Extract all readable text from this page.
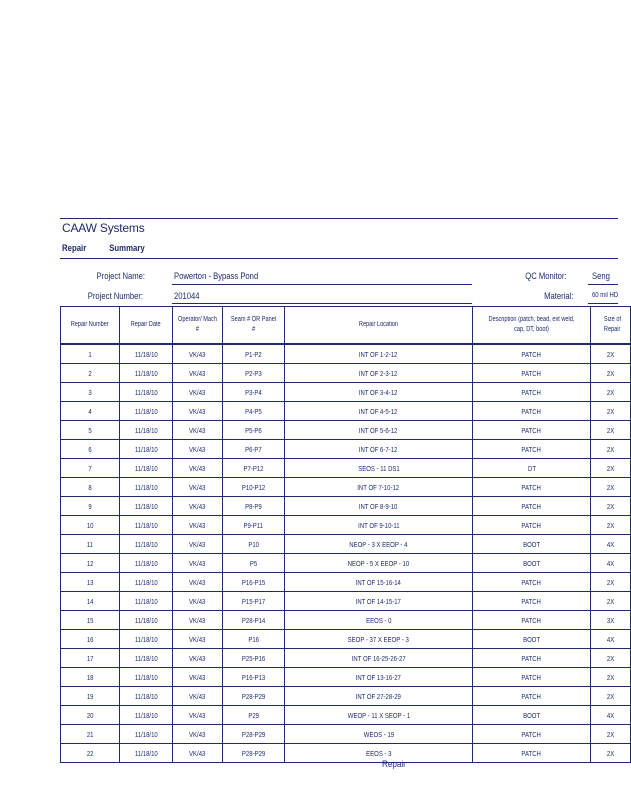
CAAW Systems
Repair Summary
Project Name:	Powerton - Bypass Pond
Project Number:	201044
QC Monitor:	Seng
Material:	60 mil HD
Repair Number	Repair Date	Operator/ Mach #	Seam # OR Panel #	Repair Location	Description (patch, bead, ext weld, cap, DT, boot)	Size of Repair
1	11/18/10	VK/43	P1-P2	INT OF 1-2-12	PATCH	2X
2	11/18/10	VK/43	P2-P3	INT OF 2-3-12	PATCH	2X
3	11/18/10	VK/43	P3-P4	INT OF 3-4-12	PATCH	2X
4	11/18/10	VK/43	P4-P5	INT OF 4-5-12	PATCH	2X
5	11/18/10	VK/43	P5-P6	INT OF 5-6-12	PATCH	2X
6	11/18/10	VK/43	P6-P7	INT OF 6-7-12	PATCH	2X
7	11/18/10	VK/43	P7-P12	SEOS - 11 DS1	DT	2X
8	11/18/10	VK/43	P10-P12	INT OF 7-10-12	PATCH	2X
9	11/18/10	VK/43	P8-P9	INT OF 8-9-10	PATCH	2X
10	11/18/10	VK/43	P9-P11	INT OF 9-10-11	PATCH	2X
11	11/18/10	VK/43	P10	NEOP - 3 X EEOP - 4	BOOT	4X
12	11/18/10	VK/43	P5	NEOP - 5 X EEOP - 10	BOOT	4X
13	11/18/10	VK/43	P16-P15	INT OF 15-16-14	PATCH	2X
14	11/18/10	VK/43	P15-P17	INT OF 14-15-17	PATCH	2X
15	11/18/10	VK/43	P28-P14	EEOS - 0	PATCH	3X
16	11/18/10	VK/43	P16	SEOP - 37 X EEOP - 3	BOOT	4X
17	11/18/10	VK/43	P25-P16	INT OF 16-25-26-27	PATCH	2X
18	11/18/10	VK/43	P16-P13	INT OF 13-16-27	PATCH	2X
19	11/18/10	VK/43	P28-P29	INT OF 27-28-29	PATCH	2X
20	11/18/10	VK/43	P29	WEOP - 11 X SEOP - 1	BOOT	4X
21	11/18/10	VK/43	P28-P29	WEOS - 19	PATCH	2X
22	11/18/10	VK/43	P28-P29	EEOS - 3	PATCH	2X
Repair
